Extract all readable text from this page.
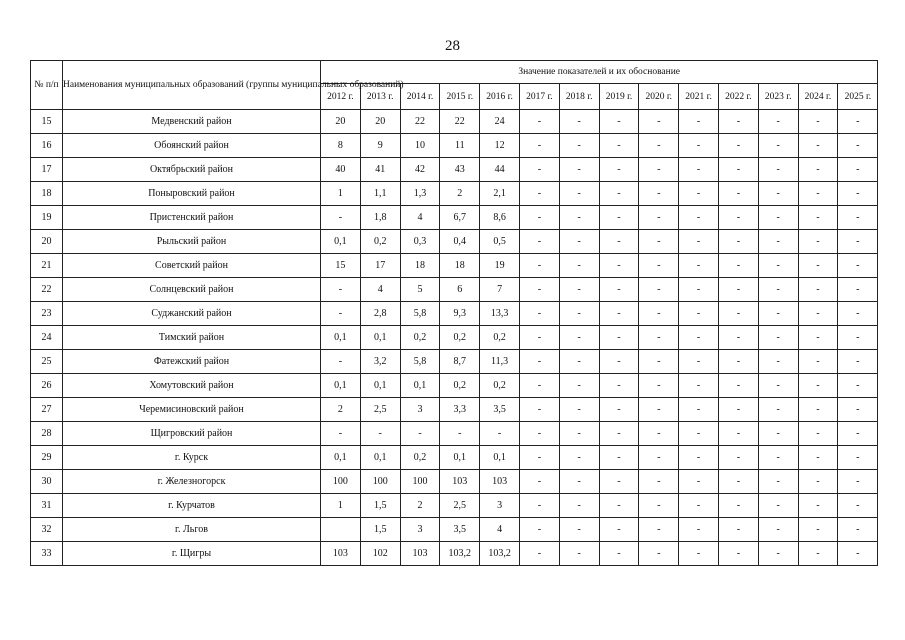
28
№ п/п	Наименования муниципальных образований (группы муниципальных образований)	Значение показателей и их обоснование													
		2012 г.	2013 г.	2014 г.	2015 г.	2016 г.	2017 г.	2018 г.	2019 г.	2020 г.	2021 г.	2022 г.	2023 г.	2024 г.	2025 г.
15	Медвенский район	20	20	22	22	24	-	-	-	-	-	-	-	-	-
16	Обоянский район	8	9	10	11	12	-	-	-	-	-	-	-	-	-
17	Октябрьский район	40	41	42	43	44	-	-	-	-	-	-	-	-	-
18	Поныровский район	1	1,1	1,3	2	2,1	-	-	-	-	-	-	-	-	-
19	Пристенский район	-	1,8	4	6,7	8,6	-	-	-	-	-	-	-	-	-
20	Рыльский район	0,1	0,2	0,3	0,4	0,5	-	-	-	-	-	-	-	-	-
21	Советский район	15	17	18	18	19	-	-	-	-	-	-	-	-	-
22	Солнцевский район	-	4	5	6	7	-	-	-	-	-	-	-	-	-
23	Суджанский район	-	2,8	5,8	9,3	13,3	-	-	-	-	-	-	-	-	-
24	Тимский район	0,1	0,1	0,2	0,2	0,2	-	-	-	-	-	-	-	-	-
25	Фатежский район	-	3,2	5,8	8,7	11,3	-	-	-	-	-	-	-	-	-
26	Хомутовский район	0,1	0,1	0,1	0,2	0,2	-	-	-	-	-	-	-	-	-
27	Черемисиновский район	2	2,5	3	3,3	3,5	-	-	-	-	-	-	-	-	-
28	Щигровский район	-	-	-	-	-	-	-	-	-	-	-	-	-	-
29	г. Курск	0,1	0,1	0,2	0,1	0,1	-	-	-	-	-	-	-	-	-
30	г. Железногорск	100	100	100	103	103	-	-	-	-	-	-	-	-	-
31	г. Курчатов	1	1,5	2	2,5	3	-	-	-	-	-	-	-	-	-
32	г. Льгов		1,5	3	3,5	4	-	-	-	-	-	-	-	-	-
33	г. Щигры	103	102	103	103,2	103,2	-	-	-	-	-	-	-	-	-
